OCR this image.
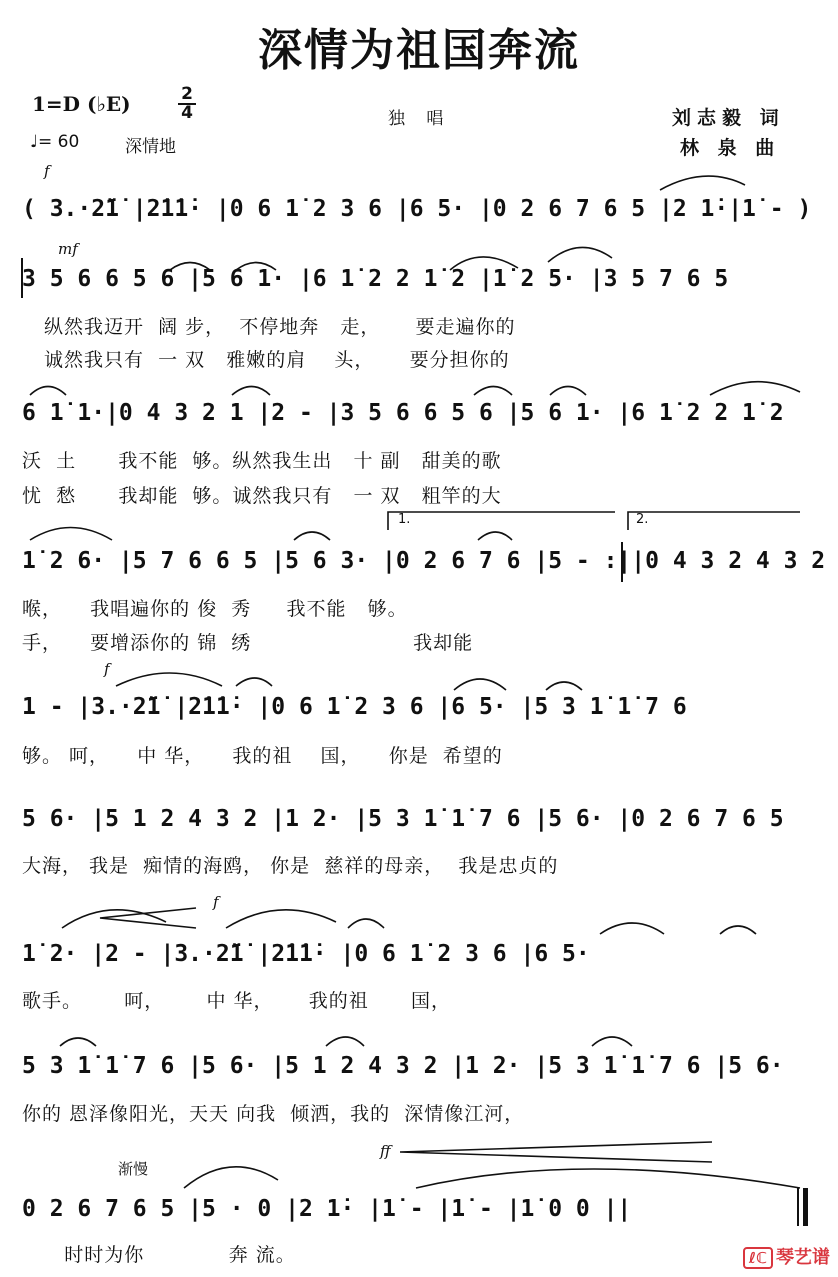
深情为祖国奔流
1=D (♭E)	2
4
♩= 60	深情地
独 唱	刘志毅 词
林 泉 曲
f
mf
f
f
ff
渐慢
1.	2.
( 3.·2̈1̇ |2̇1̇1̇· |0 6 1̇ 2 3 6 |6 5· |0 2 6 7 6 5 |2 1̇·|1̇ - )
3 5 6 6 5 6 |5 6 1· |6 1̇ 2 2 1̇ 2 |1̇ 2 5· |3 5 7 6 5
纵然我迈开  阔 步，  不停地奔   走，     要走遍你的
诚然我只有  一 双   雅嫩的肩    头，     要分担你的
6 1̇ 1·|0 4 3 2 1 |2 - |3 5 6 6 5 6 |5 6 1· |6 1̇ 2 2 1̇ 2
沃  土      我不能  够。纵然我生出   十 副   甜美的歌
忧  愁      我却能  够。诚然我只有   一 双   粗竿的大
1̇ 2 6· |5 7 6 6 5 |5 6 3· |0 2 6 7 6 |5 - :||0 4 3 2 4 3 2
喉，    我唱遍你的 俊  秀     我不能   够。
手，    要增添你的 锦  绣                       我却能
1 - |3.·2̈1̇ |2̇1̇1̇· |0 6 1̇ 2 3 6 |6 5· |5 3 1̇ 1̇ 7 6
够。 呵，    中 华，    我的祖    国，    你是  希望的
5 6· |5 1 2 4 3 2 |1 2· |5 3 1̇ 1̇ 7 6 |5 6· |0 2 6 7 6 5
大海， 我是  痴情的海鸥， 你是  慈祥的母亲，  我是忠贞的
1̇ 2· |2 - |3.·2̈1̇ |2̇1̇1̇· |0 6 1̇ 2 3 6 |6 5·
歌手。      呵，      中 华，     我的祖      国，
5 3 1̇ 1̇ 7 6 |5 6· |5 1 2 4 3 2 |1 2· |5 3 1̇ 1̇ 7 6 |5 6·
你的 恩泽像阳光，天天 向我  倾洒，我的  深情像江河，
0 2 6 7 6 5 |5 · 0 |2 1̇· |1̇ - |1̇ - |1̇ 0 0 ||
时时为你            奔 流。	ℓℂ 琴艺谱
